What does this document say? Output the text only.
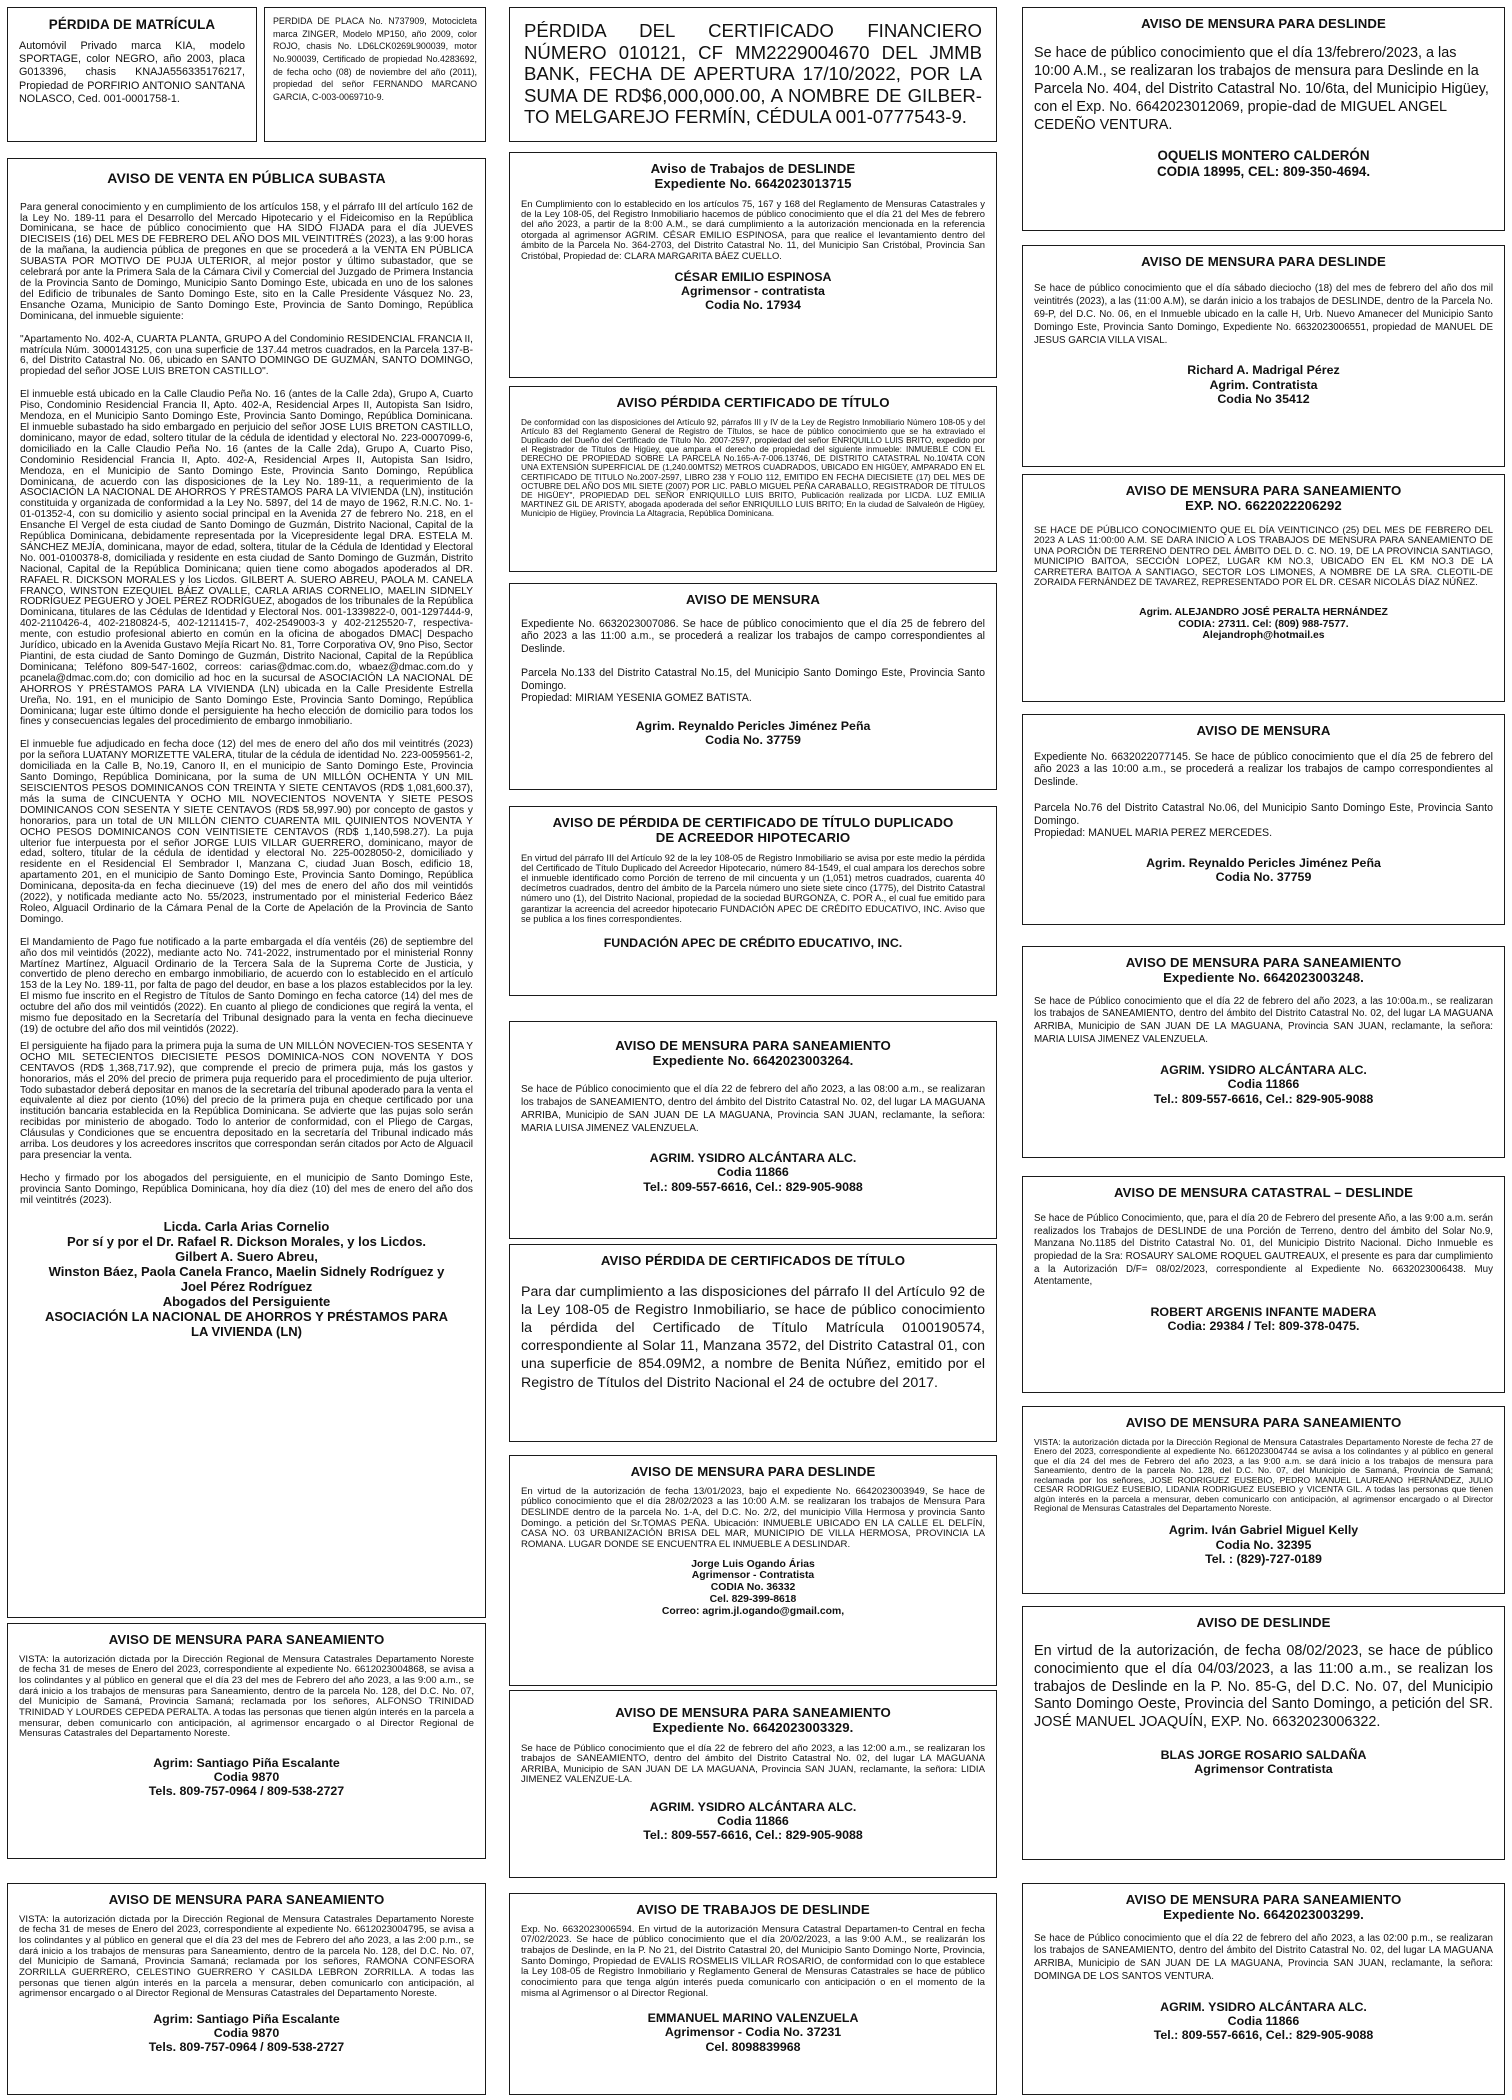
PÉRDIDA DE MATRÍCULA
Automóvil Privado marca KIA, modelo SPORTAGE, color NEGRO, año 2003, placa G013396, chasis KNAJA556335176217, Propiedad de PORFIRIO ANTONIO SANTANA NOLASCO, Ced. 001-0001758-1.
PERDIDA DE PLACA No. N737909, Motocicleta marca ZINGER, Modelo MP150, año 2009, color ROJO, chasis No. LD6LCK0269L900039, motor No.900039, Certificado de propiedad No.4283692, de fecha ocho (08) de noviembre del año (2011), propiedad del señor FERNANDO MARCANO GARCIA, C-003-0069710-9.
AVISO DE VENTA EN PÚBLICA SUBASTA
Para general conocimiento y en cumplimiento de los artículos 158, y el párrafo III del artículo 162 de la Ley No. 189-11 para el Desarrollo del Mercado Hipotecario y el Fideicomiso en la República Dominicana, se hace de público conocimiento que HA SIDO FIJADA para el día JUEVES DIECISEIS (16) DEL MES DE FEBRERO DEL AÑO DOS MIL VEINTITRÉS (2023), a las 9:00 horas de la mañana, la audiencia pública de pregones en que se procederá a la VENTA EN PÚBLICA SUBASTA POR MOTIVO DE PUJA ULTERIOR, al mejor postor y último subastador, que se celebrará por ante la Primera Sala de la Cámara Civil y Comercial del Juzgado de Primera Instancia de la Provincia Santo de Domingo, Municipio Santo Domingo Este, ubicada en uno de los salones del Edificio de tribunales de Santo Domingo Este, sito en la Calle Presidente Vásquez No. 23, Ensanche Ozama, Municipio de Santo Domingo Este, Provincia de Santo Domingo, República Dominicana, del inmueble siguiente:
"Apartamento No. 402-A, CUARTA PLANTA, GRUPO A del Condominio RESIDENCIAL FRANCIA II, matrícula Núm. 3000143125, con una superficie de 137.44 metros cuadrados, en la Parcela 137-B-6, del Distrito Catastral No. 06, ubicado en SANTO DOMINGO DE GUZMÁN, SANTO DOMINGO, propiedad del señor JOSE LUIS BRETON CASTILLO".
El inmueble está ubicado en la Calle Claudio Peña No. 16 (antes de la Calle 2da), Grupo A, Cuarto Piso, Condominio Residencial Francia II, Apto. 402-A, Residencial Arpes II, Autopista San Isidro, Mendoza, en el Municipio Santo Domingo Este, Provincia Santo Domingo, República Dominicana. El inmueble subastado ha sido embargado en perjuicio del señor JOSE LUIS BRETON CASTILLO, dominicano, mayor de edad, soltero titular de la cédula de identidad y electoral No. 223-0007099-6, domiciliado en la Calle Claudio Peña No. 16 (antes de la Calle 2da), Grupo A, Cuarto Piso, Condominio Residencial Francia II, Apto. 402-A, Residencial Arpes II, Autopista San Isidro, Mendoza, en el Municipio de Santo Domingo Este, Provincia Santo Domingo, República Dominicana, de acuerdo con las disposiciones de la Ley No. 189-11, a requerimiento de la ASOCIACIÓN LA NACIONAL DE AHORROS Y PRÉSTAMOS PARA LA VIVIENDA (LN), institución constituida y organizada de conformidad a la Ley No. 5897, del 14 de mayo de 1962, R.N.C. No. 1-01-01352-4, con su domicilio y asiento social principal en la Avenida 27 de febrero No. 218, en el Ensanche El Vergel de esta ciudad de Santo Domingo de Guzmán, Distrito Nacional, Capital de la República Dominicana, debidamente representada por la Vicepresidente legal DRA. ESTELA M. SÁNCHEZ MEJÍA, dominicana, mayor de edad, soltera, titular de la Cédula de Identidad y Electoral No. 001-0100378-8, domiciliada y residente en esta ciudad de Santo Domingo de Guzmán, Distrito Nacional, Capital de la República Dominicana; quien tiene como abogados apoderados al DR. RAFAEL R. DICKSON MORALES y los Licdos. GILBERT A. SUERO ABREU, PAOLA M. CANELA FRANCO, WINSTON EZEQUIEL BÁEZ OVALLE, CARLA ARIAS CORNELIO, MAELIN SIDNELY RODRÍGUEZ PEGUERO y JOEL PÉREZ RODRÍGUEZ, abogados de los tribunales de la República Dominicana, titulares de las Cédulas de Identidad y Electoral Nos. 001-1339822-0, 001-1297444-9, 402-2110426-4, 402-2180824-5, 402-1211415-7, 402-2549003-3 y 402-2125520-7, respectiva-mente, con estudio profesional abierto en común en la oficina de abogados DMAC| Despacho Jurídico, ubicado en la Avenida Gustavo Mejía Ricart No. 81, Torre Corporativa OV, 9no Piso, Sector Piantini, de esta ciudad de Santo Domingo de Guzmán, Distrito Nacional, Capital de la República Dominicana; Teléfono 809-547-1602, correos: carias@dmac.com.do, wbaez@dmac.com.do y pcanela@dmac.com.do; con domicilio ad hoc en la sucursal de ASOCIACIÓN LA NACIONAL DE AHORROS Y PRÉSTAMOS PARA LA VIVIENDA (LN) ubicada en la Calle Presidente Estrella Ureña, No. 191, en el municipio de Santo Domingo Este, Provincia Santo Domingo, República Dominicana; lugar este último donde el persiguiente ha hecho elección de domicilio para todos los fines y consecuencias legales del procedimiento de embargo inmobiliario.
El inmueble fue adjudicado en fecha doce (12) del mes de enero del año dos mil veintitrés (2023) por la señora LUATANY MORIZETTE VALERA, titular de la cédula de identidad No. 223-0059561-2, domiciliada en la Calle B, No.19, Canoro II, en el municipio de Santo Domingo Este, Provincia Santo Domingo, República Dominicana, por la suma de UN MILLÓN OCHENTA Y UN MIL SEISCIENTOS PESOS DOMINICANOS CON TREINTA Y SIETE CENTAVOS (RD$ 1,081,600.37), más la suma de CINCUENTA Y OCHO MIL NOVECIENTOS NOVENTA Y SIETE PESOS DOMINICANOS CON SESENTA Y SIETE CENTAVOS (RD$ 58,997.90) por concepto de gastos y honorarios, para un total de UN MILLÓN CIENTO CUARENTA MIL QUINIENTOS NOVENTA Y OCHO PESOS DOMINICANOS CON VEINTISIETE CENTAVOS (RD$ 1,140,598.27). La puja ulterior fue interpuesta por el señor JORGE LUIS VILLAR GUERRERO, dominicano, mayor de edad, soltero, titular de la cédula de identidad y electoral No. 225-0028050-2, domiciliado y residente en el Residencial El Sembrador I, Manzana C, ciudad Juan Bosch, edificio 18, apartamento 201, en el municipio de Santo Domingo Este, Provincia Santo Domingo, República Dominicana, deposita-da en fecha diecinueve (19) del mes de enero del año dos mil veintidós (2022), y notificada mediante acto No. 55/2023, instrumentado por el ministerial Federico Báez Roleo, Alguacil Ordinario de la Cámara Penal de la Corte de Apelación de la Provincia de Santo Domingo.
El Mandamiento de Pago fue notificado a la parte embargada el día ventéis (26) de septiembre del año dos mil veintidós (2022), mediante acto No. 741-2022, instrumentado por el ministerial Ronny Martínez Martínez, Alguacil Ordinario de la Tercera Sala de la Suprema Corte de Justicia, y convertido de pleno derecho en embargo inmobiliario, de acuerdo con lo establecido en el artículo 153 de la Ley No. 189-11, por falta de pago del deudor, en base a los plazos establecidos por la ley. El mismo fue inscrito en el Registro de Títulos de Santo Domingo en fecha catorce (14) del mes de octubre del año dos mil veintidós (2022). En cuanto al pliego de condiciones que regirá la venta, el mismo fue depositado en la Secretaría del Tribunal designado para la venta en fecha diecinueve (19) de octubre del año dos mil veintidós (2022).
El persiguiente ha fijado para la primera puja la suma de UN MILLÓN NOVECIEN-TOS SESENTA Y OCHO MIL SETECIENTOS DIECISIETE PESOS DOMINICA-NOS CON NOVENTA Y DOS CENTAVOS (RD$ 1,368,717.92), que comprende el precio de primera puja, más los gastos y honorarios, más el 20% del precio de primera puja requerido para el procedimiento de puja ulterior. Todo subastador deberá depositar en manos de la secretaría del tribunal apoderado para la venta el equivalente al diez por ciento (10%) del precio de la primera puja en cheque certificado por una institución bancaria establecida en la República Dominicana. Se advierte que las pujas solo serán recibidas por ministerio de abogado. Todo lo anterior de conformidad, con el Pliego de Cargas, Cláusulas y Condiciones que se encuentra depositado en la secretaría del Tribunal indicado más arriba. Los deudores y los acreedores inscritos que correspondan serán citados por Acto de Alguacil para presenciar la venta.
Hecho y firmado por los abogados del persiguiente, en el municipio de Santo Domingo Este, provincia Santo Domingo, República Dominicana, hoy día diez (10) del mes de enero del año dos mil veintitrés (2023).
Licda. Carla Arias Cornelio
Por sí y por el Dr. Rafael R. Dickson Morales, y los Licdos.
Gilbert A. Suero Abreu,
Winston Báez, Paola Canela Franco, Maelin Sidnely Rodríguez y
Joel Pérez Rodríguez
Abogados del Persiguiente
ASOCIACIÓN LA NACIONAL DE AHORROS Y PRÉSTAMOS PARA
LA VIVIENDA (LN)
AVISO DE MENSURA PARA SANEAMIENTO
VISTA: la autorización dictada por la Dirección Regional de Mensura Catastrales Departamento Noreste de fecha 31 de meses de Enero del 2023, correspondiente al expediente No. 6612023004868, se avisa a los colindantes y al público en general que el día 23 del mes de Febrero del año 2023, a las 9:00 a.m., se dará inicio a los trabajos de mensuras para Saneamiento, dentro de la parcela No. 128, del D.C. No. 07, del Municipio de Samaná, Provincia Samaná; reclamada por los señores, ALFONSO TRINIDAD TRINIDAD Y LOURDES CEPEDA PERALTA. A todas las personas que tienen algún interés en la parcela a mensurar, deben comunicarlo con anticipación, al agrimensor encargado o al Director Regional de Mensuras Catastrales del Departamento Noreste.
Agrim: Santiago Piña Escalante
Codia 9870
Tels. 809-757-0964 / 809-538-2727
AVISO DE MENSURA PARA SANEAMIENTO
VISTA: la autorización dictada por la Dirección Regional de Mensura Catastrales Departamento Noreste de fecha 31 de meses de Enero del 2023, correspondiente al expediente No. 6612023004795, se avisa a los colindantes y al público en general que el día 23 del mes de Febrero del año 2023, a las 2:00 p.m., se dará inicio a los trabajos de mensuras para Saneamiento, dentro de la parcela No. 128, del D.C. No. 07, del Municipio de Samaná, Provincia Samaná; reclamada por los señores, RAMONA CONFESORA ZORRILLA GUERRERO, CELESTINO GUERRERO Y CASILDA LEBRON ZORRILLA. A todas las personas que tienen algún interés en la parcela a mensurar, deben comunicarlo con anticipación, al agrimensor encargado o al Director Regional de Mensuras Catastrales del Departamento Noreste.
Agrim: Santiago Piña Escalante
Codia 9870
Tels. 809-757-0964 / 809-538-2727
PÉRDIDA DEL CERTIFICADO FINANCIERO NÚMERO 010121, CF MM2229004670 DEL JMMB BANK, FECHA DE APERTURA 17/10/2022, POR LA SUMA DE RD$6,000,000.00, A NOMBRE DE GILBER-TO MELGAREJO FERMÍN, CÉDULA 001-0777543-9.
Aviso de Trabajos de DESLINDE
Expediente No. 6642023013715
En Cumplimiento con lo establecido en los artículos 75, 167 y 168 del Reglamento de Mensuras Catastrales y de la Ley 108-05, del Registro Inmobiliario hacemos de público conocimiento que el día 21 del Mes de febrero del año 2023, a partir de la 8:00 A.M., se dará cumplimiento a la autorización mencionada en la referencia otorgada al agrimensor AGRIM. CÉSAR EMILIO ESPINOSA, para que realice el levantamiento dentro del ámbito de la Parcela No. 364-2703, del Distrito Catastral No. 11, del Municipio San Cristóbal, Provincia San Cristóbal, Propiedad de: CLARA MARGARITA BÁEZ CUELLO.
CÉSAR EMILIO ESPINOSA
Agrimensor - contratista
Codia No. 17934
AVISO PÉRDIDA CERTIFICADO DE TÍTULO
De conformidad con las disposiciones del Artículo 92, párrafos III y IV de la Ley de Registro Inmobiliario Número 108-05 y del Artículo 83 del Reglamento General de Registro de Títulos, se hace de público conocimiento que se ha extraviado el Duplicado del Dueño del Certificado de Título No. 2007-2597, propiedad del señor ENRIQUILLO LUIS BRITO, expedido por el Registrador de Títulos de Higüey, que ampara el derecho de propiedad del siguiente inmueble: INMUEBLE CON EL DERECHO DE PROPIEDAD SOBRE LA PARCELA No.165-A-7-006.13746, DE DISTRITO CATASTRAL No.10/4TA CON UNA EXTENSIÓN SUPERFICIAL DE (1,240.00MTS2) METROS CUADRADOS, UBICADO EN HIGÜEY, AMPARADO EN EL CERTIFICADO DE TITULO No.2007-2597, LIBRO 238 Y FOLIO 112, EMITIDO EN FECHA DIECISIETE (17) DEL MES DE OCTUBRE DEL AÑO DOS MIL SIETE (2007) POR LIC. PABLO MIGUEL PEÑA CARABALLO, REGISTRADOR DE TÍTULOS DE HIGÜEY", PROPIEDAD DEL SEÑOR ENRIQUILLO LUIS BRITO, Publicación realizada por LICDA. LUZ EMILIA MARTINEZ GIL DE ARISTY, abogada apoderada del señor ENRIQUILLO LUIS BRITO; En la ciudad de Salvaleón de Higüey, Municipio de Higüey, Provincia La Altagracia, República Dominicana.
AVISO DE MENSURA
Expediente No. 6632023007086. Se hace de público conocimiento que el día 25 de febrero del año 2023 a las 11:00 a.m., se procederá a realizar los trabajos de campo correspondientes al Deslinde.
Parcela No.133 del Distrito Catastral No.15, del Municipio Santo Domingo Este, Provincia Santo Domingo.
Propiedad: MIRIAM YESENIA GOMEZ BATISTA.
Agrim. Reynaldo Pericles Jiménez Peña
Codia No. 37759
AVISO DE PÉRDIDA DE CERTIFICADO DE TÍTULO DUPLICADO
DE ACREEDOR HIPOTECARIO
En virtud del párrafo III del Artículo 92 de la ley 108-05 de Registro Inmobiliario se avisa por este medio la pérdida del Certificado de Título Duplicado del Acreedor Hipotecario, número 84-1549, el cual ampara los derechos sobre el inmueble identificado como Porción de terreno de mil cincuenta y un (1,051) metros cuadrados, cuarenta 40 decímetros cuadrados, dentro del ámbito de la Parcela número uno siete siete cinco (1775), del Distrito Catastral número uno (1), del Distrito Nacional, propiedad de la sociedad BURGONZA, C. POR A., el cual fue emitido para garantizar la acreencia del acreedor hipotecario FUNDACIÓN APEC DE CRÉDITO EDUCATIVO, INC. Aviso que se publica a los fines correspondientes.
FUNDACIÓN APEC DE CRÉDITO EDUCATIVO, INC.
AVISO DE MENSURA PARA SANEAMIENTO
Expediente No. 6642023003264.
Se hace de Público conocimiento que el día 22 de febrero del año 2023, a las 08:00 a.m., se realizaran los trabajos de SANEAMIENTO, dentro del ámbito del Distrito Catastral No. 02, del lugar LA MAGUANA ARRIBA, Municipio de SAN JUAN DE LA MAGUANA, Provincia SAN JUAN, reclamante, la señora: MARIA LUISA JIMENEZ VALENZUELA.
AGRIM. YSIDRO ALCÁNTARA ALC.
Codia 11866
Tel.: 809-557-6616, Cel.: 829-905-9088
AVISO PÉRDIDA DE CERTIFICADOS DE TÍTULO
Para dar cumplimiento a las disposiciones del párrafo II del Artículo 92 de la Ley 108-05 de Registro Inmobiliario, se hace de público conocimiento la pérdida del Certificado de Título Matrícula 0100190574, correspondiente al Solar 11, Manzana 3572, del Distrito Catastral 01, con una superficie de 854.09M2, a nombre de Benita Núñez, emitido por el Registro de Títulos del Distrito Nacional el 24 de octubre del 2017.
AVISO DE MENSURA PARA DESLINDE
En virtud de la autorización de fecha 13/01/2023, bajo el expediente No. 6642023003949, Se hace de público conocimiento que el día 28/02/2023 a las 10:00 A.M. se realizaran los trabajos de Mensura Para DESLINDE dentro de la parcela No. 1-A, del D.C. No. 2/2, del municipio Villa Hermosa y provincia Santo Domingo. a petición del Sr.TOMAS PEÑA. Ubicación: INMUEBLE UBICADO EN LA CALLE EL DELFÍN, CASA NO. 03 URBANIZACIÓN BRISA DEL MAR, MUNICIPIO DE VILLA HERMOSA, PROVINCIA LA ROMANA. LUGAR DONDE SE ENCUENTRA EL INMUEBLE A DESLINDAR.
Jorge Luis Ogando Árias
Agrimensor - Contratista
CODIA No. 36332
Cel. 829-399-8618
Correo: agrim.jl.ogando@gmail.com,
AVISO DE MENSURA PARA SANEAMIENTO
Expediente No. 6642023003329.
Se hace de Público conocimiento que el día 22 de febrero del año 2023, a las 12:00 a.m., se realizaran los trabajos de SANEAMIENTO, dentro del ámbito del Distrito Catastral No. 02, del lugar LA MAGUANA ARRIBA, Municipio de SAN JUAN DE LA MAGUANA, Provincia SAN JUAN, reclamante, la señora: LIDIA JIMENEZ VALENZUE-LA.
AGRIM. YSIDRO ALCÁNTARA ALC.
Codia 11866
Tel.: 809-557-6616, Cel.: 829-905-9088
AVISO DE TRABAJOS DE DESLINDE
Exp. No. 6632023006594. En virtud de la autorización Mensura Catastral Departamen-to Central en fecha 07/02/2023. Se hace de público conocimiento que el día 20/02/2023, a las 9:00 A.M., se realizarán los trabajos de Deslinde, en la P. No 21, del Distrito Catastral 20, del Municipio Santo Domingo Norte, Provincia, Santo Domingo, Propiedad de EVALIS ROSMELIS VILLAR ROSARIO, de conformidad con lo que establece la Ley 108-05 de Registro Inmobiliario y Reglamento General de Mensuras Catastrales se hace de público conocimiento para que tenga algún interés pueda comunicarlo con anticipación o en el momento de la misma al Agrimensor o al Director Regional.
EMMANUEL MARINO VALENZUELA
Agrimensor - Codia No. 37231
Cel. 8098839968
AVISO DE MENSURA PARA DESLINDE
Se hace de público conocimiento que el día 13/febrero/2023, a las 10:00 A.M., se realizaran los trabajos de mensura para Deslinde en la Parcela No. 404, del Distrito Catastral No. 10/6ta, del Municipio Higüey, con el Exp. No. 6642023012069, propie-dad de MIGUEL ANGEL CEDEÑO VENTURA.
OQUELIS MONTERO CALDERÓN
CODIA 18995, CEL: 809-350-4694.
AVISO DE MENSURA PARA DESLINDE
Se hace de público conocimiento que el día sábado dieciocho (18) del mes de febrero del año dos mil veintitrés (2023), a las (11:00 A.M), se darán inicio a los trabajos de DESLINDE, dentro de la Parcela No. 69-P, del D.C. No. 06, en el Inmueble ubicado en la calle H, Urb. Nuevo Amanecer del Municipio Santo Domingo Este, Provincia Santo Domingo, Expediente No. 6632023006551, propiedad de MANUEL DE JESUS GARCIA VILLA VISAL.
Richard A. Madrigal Pérez
Agrim. Contratista
Codia No 35412
AVISO DE MENSURA PARA SANEAMIENTO
EXP. NO. 6622022206292
SE HACE DE PÚBLICO CONOCIMIENTO QUE EL DÍA VEINTICINCO (25) DEL MES DE FEBRERO DEL 2023 A LAS 11:00:00 A.M. SE DARA INICIO A LOS TRABAJOS DE MENSURA PARA SANEAMIENTO DE UNA PORCIÓN DE TERRENO DENTRO DEL ÁMBITO DEL D. C. NO. 19, DE LA PROVINCIA SANTIAGO, MUNICIPIO BAITOA, SECCIÓN LOPEZ, LUGAR KM NO.3, UBICADO EN EL KM NO.3 DE LA CARRETERA BAITOA A SANTIAGO, SECTOR LOS LIMONES, A NOMBRE DE LA SRA. CLEOTIL-DE ZORAIDA FERNÁNDEZ DE TAVAREZ, REPRESENTADO POR EL DR. CESAR NICOLÁS DÍAZ NÚÑEZ.
Agrim. ALEJANDRO JOSÉ PERALTA HERNÁNDEZ
CODIA: 27311. Cel: (809) 988-7577.
Alejandroph@hotmail.es
AVISO DE MENSURA
Expediente No. 6632022077145. Se hace de público conocimiento que el día 25 de febrero del año 2023 a las 10:00 a.m., se procederá a realizar los trabajos de campo correspondientes al Deslinde.
Parcela No.76 del Distrito Catastral No.06, del Municipio Santo Domingo Este, Provincia Santo Domingo.
Propiedad: MANUEL MARIA PEREZ MERCEDES.
Agrim. Reynaldo Pericles Jiménez Peña
Codia No. 37759
AVISO DE MENSURA PARA SANEAMIENTO
Expediente No. 6642023003248.
Se hace de Público conocimiento que el día 22 de febrero del año 2023, a las 10:00a.m., se realizaran los trabajos de SANEAMIENTO, dentro del ámbito del Distrito Catastral No. 02, del lugar LA MAGUANA ARRIBA, Municipio de SAN JUAN DE LA MAGUANA, Provincia SAN JUAN, reclamante, la señora: MARIA LUISA JIMENEZ VALENZUELA.
AGRIM. YSIDRO ALCÁNTARA ALC.
Codia 11866
Tel.: 809-557-6616, Cel.: 829-905-9088
AVISO DE MENSURA CATASTRAL – DESLINDE
Se hace de Público Conocimiento, que, para el día 20 de Febrero del presente Año, a las 9:00 a.m. serán realizados los Trabajos de DESLINDE de una Porción de Terreno, dentro del ámbito del Solar No.9, Manzana No.1185 del Distrito Catastral No. 01, del Municipio Distrito Nacional. Dicho Inmueble es propiedad de la Sra: ROSAURY SALOME ROQUEL GAUTREAUX, el presente es para dar cumplimiento a la Autorización D/F= 08/02/2023, correspondiente al Expediente No. 6632023006438. Muy Atentamente,
ROBERT ARGENIS INFANTE MADERA
Codia: 29384 / Tel: 809-378-0475.
AVISO DE MENSURA PARA SANEAMIENTO
VISTA: la autorización dictada por la Dirección Regional de Mensura Catastrales Departamento Noreste de fecha 27 de Enero del 2023, correspondiente al expediente No. 6612023004744 se avisa a los colindantes y al público en general que el día 24 del mes de Febrero del año 2023, a las 9:00 a.m. se dará inicio a los trabajos de mensura para Saneamiento, dentro de la parcela No. 128, del D.C. No. 07, del Municipio de Samaná, Provincia de Samaná; reclamada por los señores, JOSE RODRIGUEZ EUSEBIO, PEDRO MANUEL LAUREANO HERNÁNDEZ, JULIO CESAR RODRIGUEZ EUSEBIO, LIDANIA RODRIGUEZ EUSEBIO y VICENTA GIL. A todas las personas que tienen algún interés en la parcela a mensurar, deben comunicarlo con anticipación, al agrimensor encargado o al Director Regional de Mensuras Catastrales del Departamento Noreste.
Agrim. Iván Gabriel Miguel Kelly
Codia No. 32395
Tel. : (829)-727-0189
AVISO DE DESLINDE
En virtud de la autorización, de fecha 08/02/2023, se hace de público conocimiento que el día 04/03/2023, a las 11:00 a.m., se realizan los trabajos de Deslinde en la P. No. 85-G, del D.C. No. 07, del Municipio Santo Domingo Oeste, Provincia del Santo Domingo, a petición del SR. JOSÉ MANUEL JOAQUÍN, EXP. No. 6632023006322.
BLAS JORGE ROSARIO SALDAÑA
Agrimensor Contratista
AVISO DE MENSURA PARA SANEAMIENTO
Expediente No. 6642023003299.
Se hace de Público conocimiento que el día 22 de febrero del año 2023, a las 02:00 p.m., se realizaran los trabajos de SANEAMIENTO, dentro del ámbito del Distrito Catastral No. 02, del lugar LA MAGUANA ARRIBA, Municipio de SAN JUAN DE LA MAGUANA, Provincia SAN JUAN, reclamante, la señora: DOMINGA DE LOS SANTOS VENTURA.
AGRIM. YSIDRO ALCÁNTARA ALC.
Codia 11866
Tel.: 809-557-6616, Cel.: 829-905-9088
